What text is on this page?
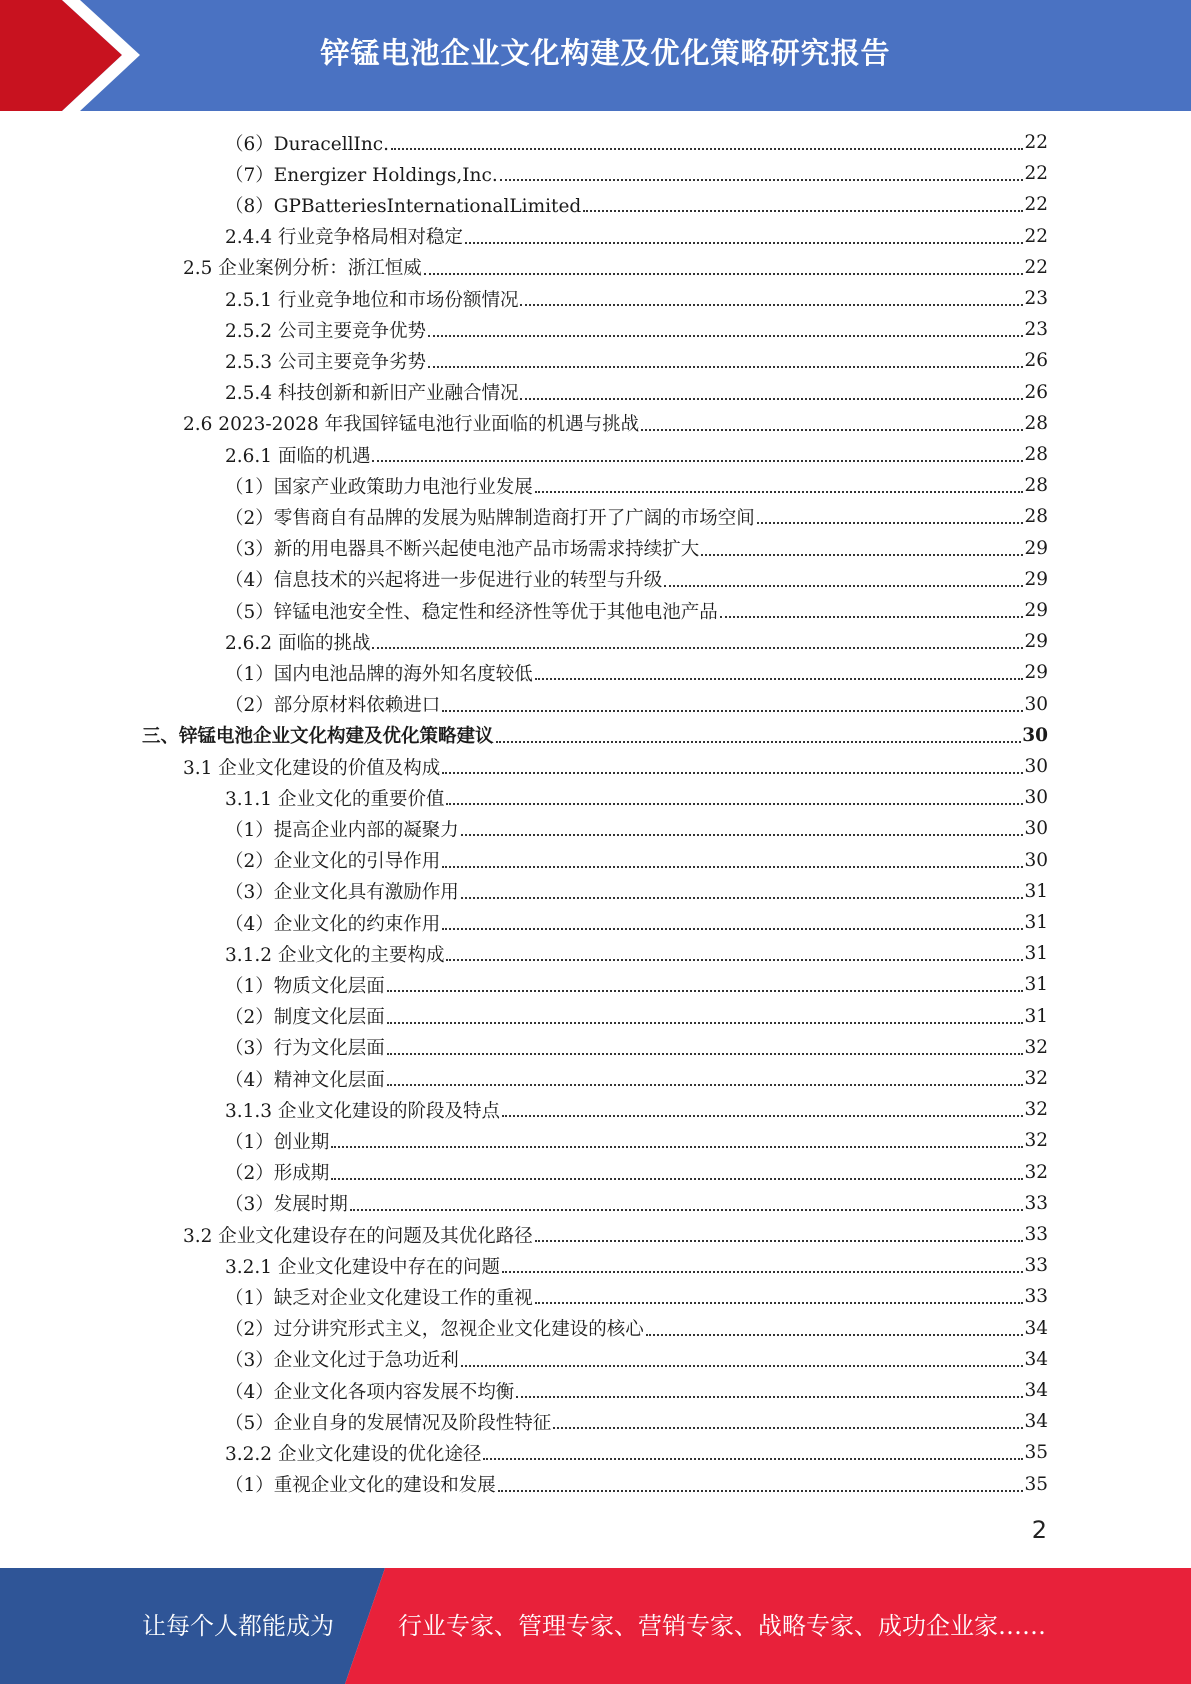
锌锰电池企业文化构建及优化策略研究报告
（6）DuracellInc.	22
（7）Energizer Holdings,Inc.	22
（8）GPBatteriesInternationalLimited	22
2.4.4 行业竞争格局相对稳定	22
2.5 企业案例分析：浙江恒威	22
2.5.1 行业竞争地位和市场份额情况	23
2.5.2 公司主要竞争优势	23
2.5.3 公司主要竞争劣势	26
2.5.4 科技创新和新旧产业融合情况	26
2.6 2023-2028 年我国锌锰电池行业面临的机遇与挑战	28
2.6.1 面临的机遇	28
（1）国家产业政策助力电池行业发展	28
（2）零售商自有品牌的发展为贴牌制造商打开了广阔的市场空间	28
（3）新的用电器具不断兴起使电池产品市场需求持续扩大	29
（4）信息技术的兴起将进一步促进行业的转型与升级	29
（5）锌锰电池安全性、稳定性和经济性等优于其他电池产品	29
2.6.2 面临的挑战	29
（1）国内电池品牌的海外知名度较低	29
（2）部分原材料依赖进口	30
三、锌锰电池企业文化构建及优化策略建议	30
3.1 企业文化建设的价值及构成	30
3.1.1 企业文化的重要价值	30
（1）提高企业内部的凝聚力	30
（2）企业文化的引导作用	30
（3）企业文化具有激励作用	31
（4）企业文化的约束作用	31
3.1.2 企业文化的主要构成	31
（1）物质文化层面	31
（2）制度文化层面	31
（3）行为文化层面	32
（4）精神文化层面	32
3.1.3 企业文化建设的阶段及特点	32
（1）创业期	32
（2）形成期	32
（3）发展时期	33
3.2 企业文化建设存在的问题及其优化路径	33
3.2.1 企业文化建设中存在的问题	33
（1）缺乏对企业文化建设工作的重视	33
（2）过分讲究形式主义，忽视企业文化建设的核心	34
（3）企业文化过于急功近利	34
（4）企业文化各项内容发展不均衡	34
（5）企业自身的发展情况及阶段性特征	34
3.2.2 企业文化建设的优化途径	35
（1）重视企业文化的建设和发展	35
2
让每个人都能成为	行业专家、管理专家、营销专家、战略专家、成功企业家……
